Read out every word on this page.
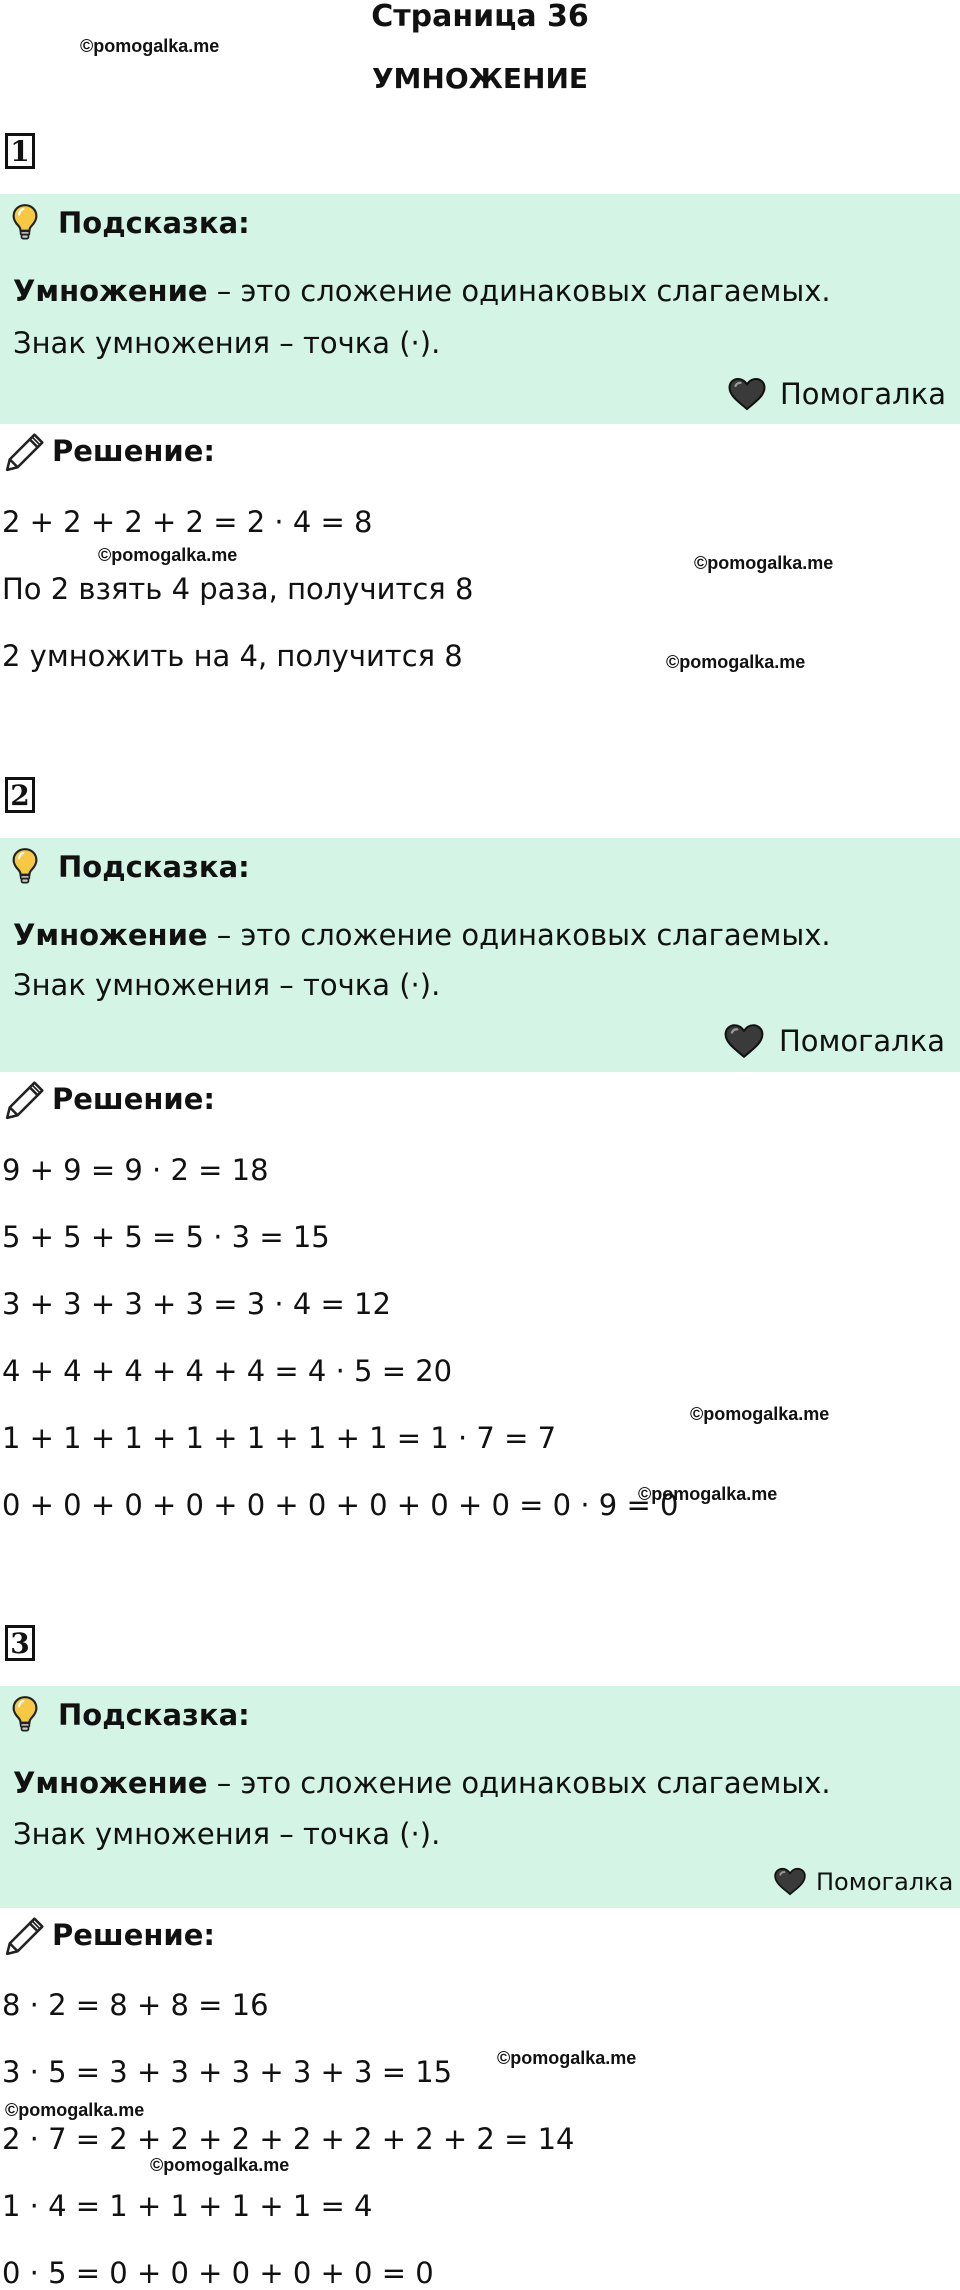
Страница 36
УМНОЖЕНИЕ
©pomogalka.me
1
Подсказка:
Умножение – это сложение одинаковых слагаемых.
Знак умножения – точка (·).
Помогалка
Решение:
2 + 2 + 2 + 2 = 2 · 4 = 8
©pomogalka.me	©pomogalka.me
По 2 взять 4 раза, получится 8
2 умножить на 4, получится 8	©pomogalka.me
2
Подсказка:
Умножение – это сложение одинаковых слагаемых.
Знак умножения – точка (·).
Помогалка
Решение:
9 + 9 = 9 · 2 = 18
5 + 5 + 5 = 5 · 3 = 15
3 + 3 + 3 + 3 = 3 · 4 = 12
4 + 4 + 4 + 4 + 4 = 4 · 5 = 20
©pomogalka.me
1 + 1 + 1 + 1 + 1 + 1 + 1 = 1 · 7 = 7
©pomogalka.me
0 + 0 + 0 + 0 + 0 + 0 + 0 + 0 + 0 = 0 · 9 = 0
3
Подсказка:
Умножение – это сложение одинаковых слагаемых.
Знак умножения – точка (·).
Помогалка
Решение:
8 · 2 = 8 + 8 = 16
©pomogalka.me
3 · 5 = 3 + 3 + 3 + 3 + 3 = 15
©pomogalka.me
2 · 7 = 2 + 2 + 2 + 2 + 2 + 2 + 2 = 14
©pomogalka.me
1 · 4 = 1 + 1 + 1 + 1 = 4
0 · 5 = 0 + 0 + 0 + 0 + 0 = 0
